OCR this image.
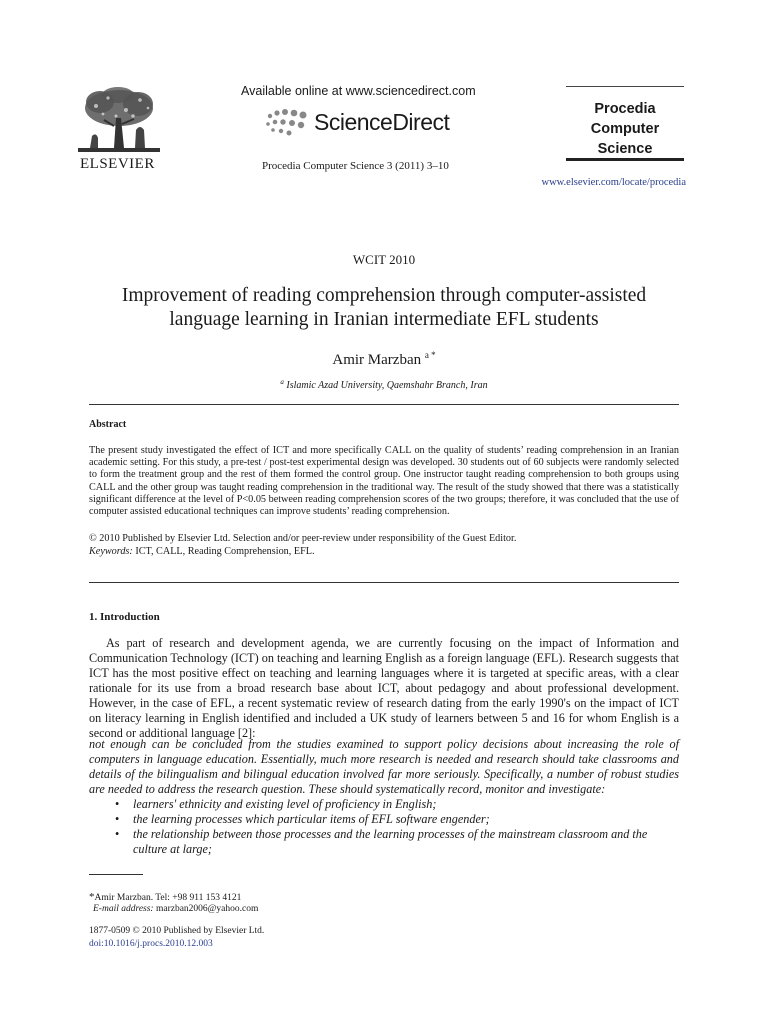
ELSEVIER
Available online at www.sciencedirect.com
ScienceDirect
Procedia Computer Science 3 (2011) 3–10
Procedia
Computer
Science
www.elsevier.com/locate/procedia
WCIT 2010
Improvement of reading comprehension through computer-assisted
language learning in Iranian intermediate EFL students
Amir Marzban $^{a *}$
$^a$ Islamic Azad University, Qaemshahr Branch, Iran
Abstract
The present study investigated the effect of ICT and more specifically CALL on the quality of students’ reading comprehension in an Iranian academic setting. For this study, a pre-test / post-test experimental design was developed. 30 students out of 60 subjects were randomly selected to form the treatment group and the rest of them formed the control group. One instructor taught reading comprehension to both groups using CALL and the other group was taught reading comprehension in the traditional way. The result of the study showed that there was a statistically significant difference at the level of P<0.05 between reading comprehension scores of the two groups; therefore, it was concluded that the use of computer assisted educational techniques can improve students’ reading comprehension.
© 2010 Published by Elsevier Ltd. Selection and/or peer-review under responsibility of the Guest Editor.
Keywords: ICT, CALL, Reading Comprehension, EFL.
1. Introduction
As part of research and development agenda, we are currently focusing on the impact of Information and Communication Technology (ICT) on teaching and learning English as a foreign language (EFL). Research suggests that ICT has the most positive effect on teaching and learning languages where it is targeted at specific areas, with a clear rationale for its use from a broad research base about ICT, about pedagogy and about professional development. However, in the case of EFL, a recent systematic review of research dating from the early 1990's on the impact of ICT on literacy learning in English identified and included a UK study of learners between 5 and 16 for whom English is a second or additional language [2]:
not enough can be concluded from the studies examined to support policy decisions about increasing the role of computers in language education. Essentially, much more research is needed and research should take classrooms and details of the bilingualism and bilingual education involved far more seriously. Specifically, a number of robust studies are needed to address the research question. These should systematically record, monitor and investigate:
• learners' ethnicity and existing level of proficiency in English;
• the learning processes which particular items of EFL software engender;
• the relationship between those processes and the learning processes of the mainstream classroom and the culture at large;
*Amir Marzban. Tel: +98 911 153 4121
E-mail address: marzban2006@yahoo.com
1877-0509 © 2010 Published by Elsevier Ltd.
doi:10.1016/j.procs.2010.12.003
